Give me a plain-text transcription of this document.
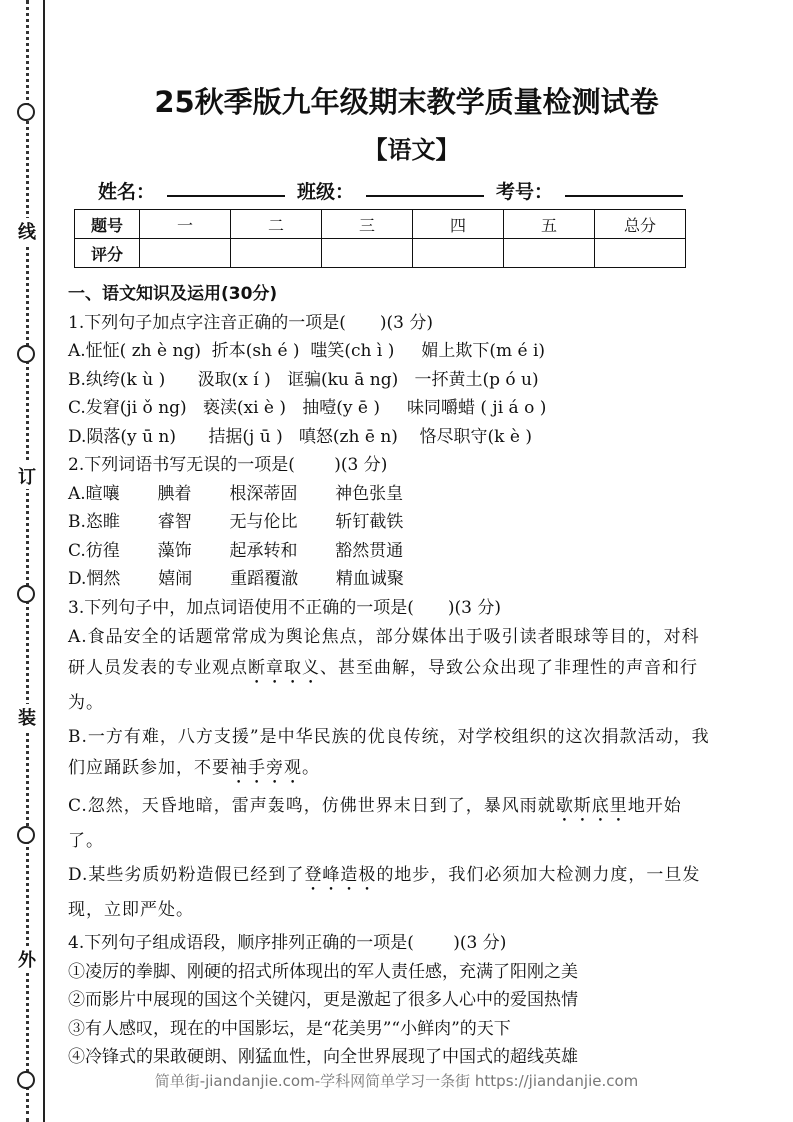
线
订
装
外
25秋季版九年级期末教学质量检测试卷
【语文】
姓名：	班级：	考号：
题号	一	二	三	四	五	总分
评分						

一、语文知识及运用(30分)

1.下列句子加点字注音正确的一项是(　　)(3 分)

A.怔怔( zh è ng)  折本(sh é )  嗤笑(ch ì )     媚上欺下(m é i)

B.纨绔(k ù )      汲取(x í )   诓骗(ku ā ng)   一抔黄土(p ó u)

C.发窘(ji ǒ ng)   亵渎(xi è )   抽噎(y ē )     味同嚼蜡 ( ji á o )

D.陨落(y ū n)      拮据(j ū )   嗔怒(zh ē n)    恪尽职守(k è )

2.下列词语书写无误的一项是(　　 )(3 分)

A.暄嚷       腆着       根深蒂固       神色张皇

B.恣睢       睿智       无与伦比       斩钉截铁

C.彷徨       藻饰       起承转和       豁然贯通

D.惘然       嬉闹       重蹈覆澈       精血诚聚

3.下列句子中，加点词语使用不正确的一项是(　　)(3 分)

A.食品安全的话题常常成为舆论焦点，部分媒体出于吸引读者眼球等目的，对科研人员发表的专业观点断章取义、甚至曲解，导致公众出现了非理性的声音和行为。

B.一方有难，八方支援”是中华民族的优良传统，对学校组织的这次捐款活动，我们应踊跃参加，不要袖手旁观。

C.忽然，天昏地暗，雷声轰鸣，仿佛世界末日到了，暴风雨就歇斯底里地开始了。

D.某些劣质奶粉造假已经到了登峰造极的地步，我们必须加大检测力度，一旦发现，立即严处。

4.下列句子组成语段，顺序排列正确的一项是(　　 )(3 分)

①凌厉的拳脚、刚硬的招式所体现出的军人责任感，充满了阳刚之美

②而影片中展现的国这个关键闪，更是激起了很多人心中的爱国热情

③有人感叹，现在的中国影坛，是“花美男”“小鲜肉”的天下

④冷锋式的果敢硬朗、刚猛血性，向全世界展现了中国式的超线英雄

简单街-jiandanjie.com-学科网简单学习一条街 https://jiandanjie.com
